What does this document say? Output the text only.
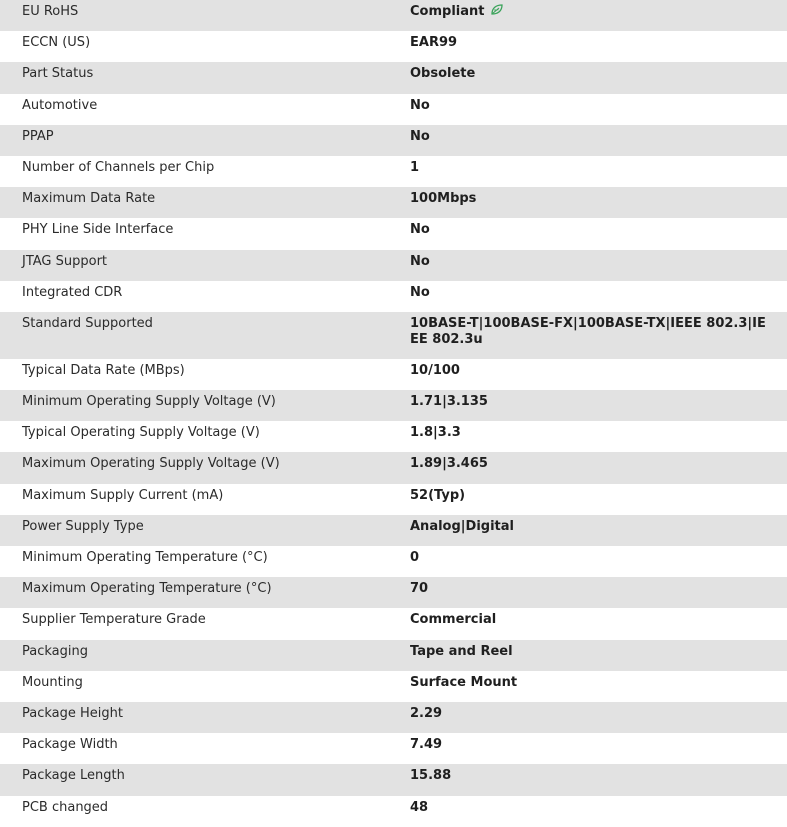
EU RoHS	Compliant

ECCN (US)	EAR99

Part Status	Obsolete

Automotive	No

PPAP	No

Number of Channels per Chip	1

Maximum Data Rate	100Mbps

PHY Line Side Interface	No

JTAG Support	No

Integrated CDR	No

Standard Supported	10BASE-T|100BASE-FX|100BASE-TX|IEEE 802.3|IEEE 802.3u

Typical Data Rate (MBps)	10/100

Minimum Operating Supply Voltage (V)	1.71|3.135

Typical Operating Supply Voltage (V)	1.8|3.3

Maximum Operating Supply Voltage (V)	1.89|3.465

Maximum Supply Current (mA)	52(Typ)

Power Supply Type	Analog|Digital

Minimum Operating Temperature (°C)	0

Maximum Operating Temperature (°C)	70

Supplier Temperature Grade	Commercial

Packaging	Tape and Reel

Mounting	Surface Mount

Package Height	2.29

Package Width	7.49

Package Length	15.88

PCB changed	48
